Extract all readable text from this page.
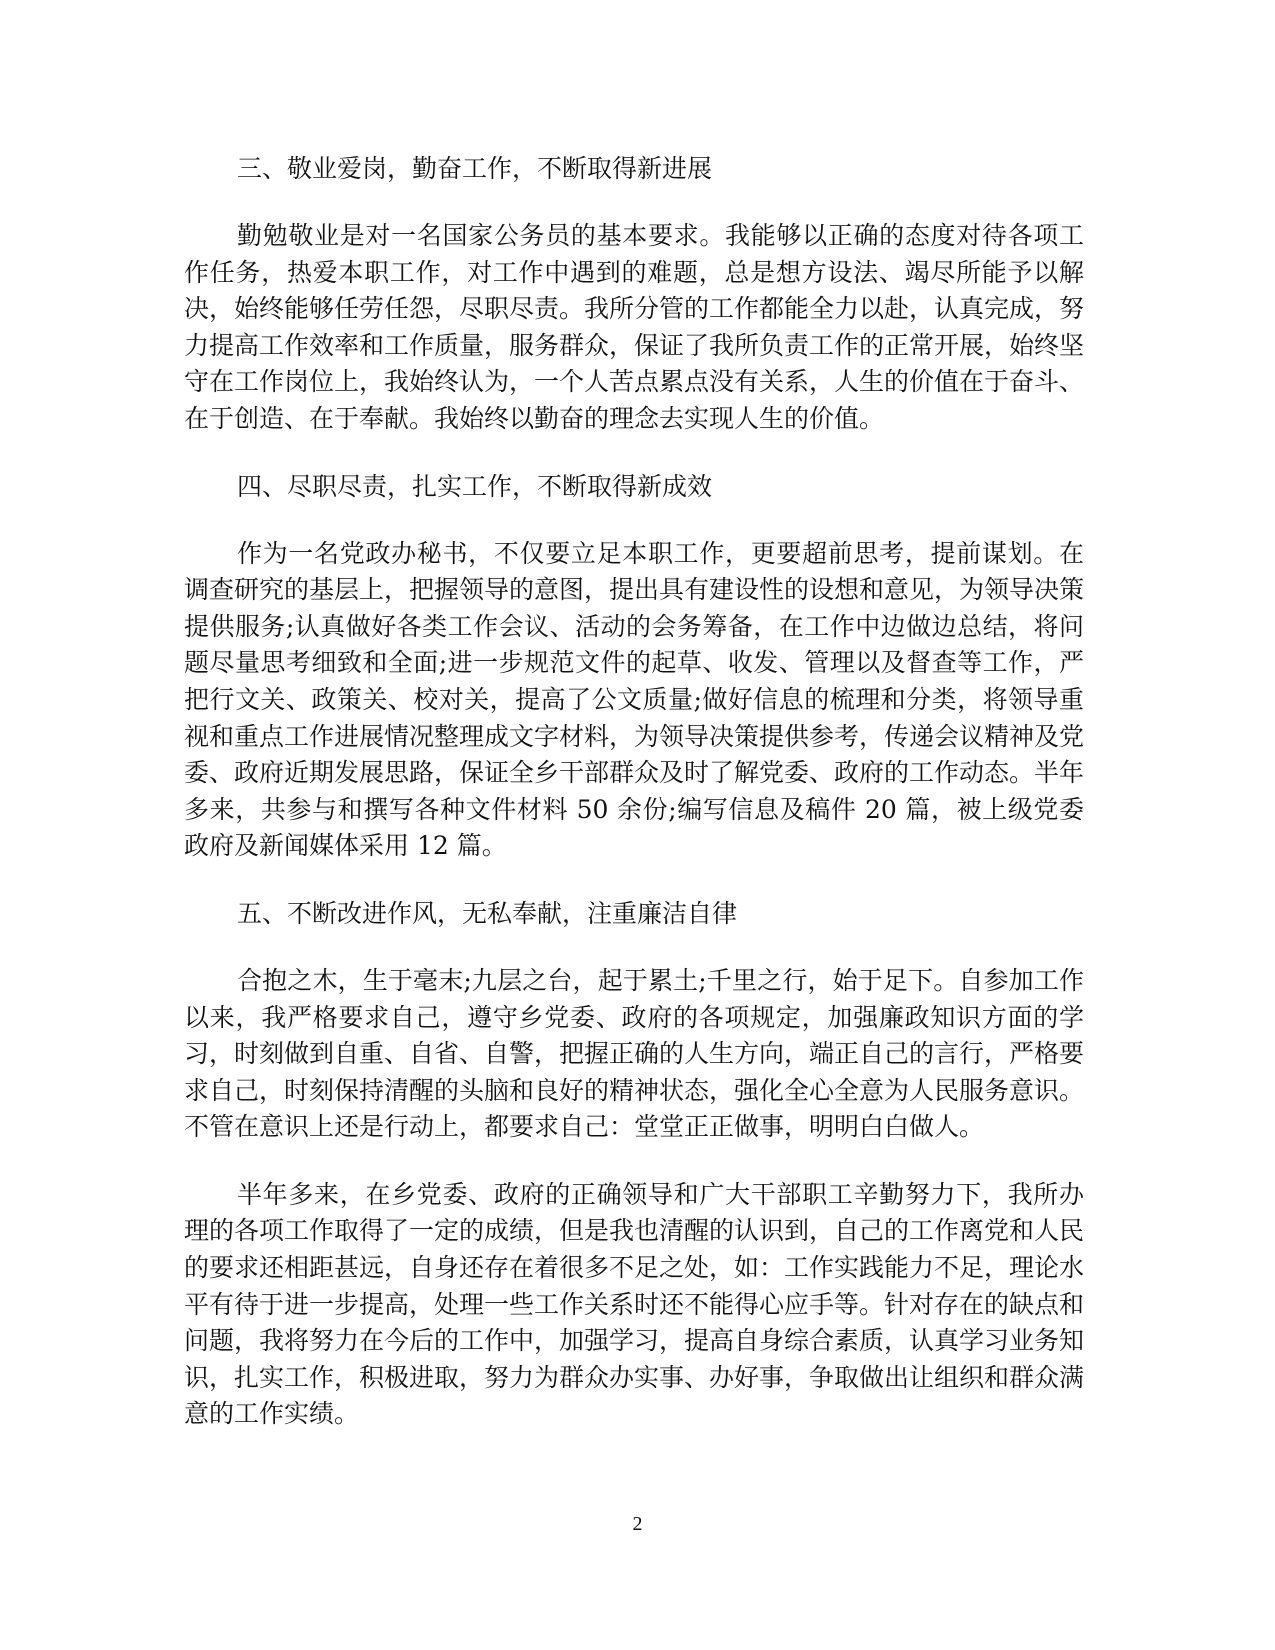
三、敬业爱岗，勤奋工作，不断取得新进展

勤勉敬业是对一名国家公务员的基本要求。我能够以正确的态度对待各项工作任务，热爱本职工作，对工作中遇到的难题，总是想方设法、竭尽所能予以解决，始终能够任劳任怨，尽职尽责。我所分管的工作都能全力以赴，认真完成，努力提高工作效率和工作质量，服务群众，保证了我所负责工作的正常开展，始终坚守在工作岗位上，我始终认为，一个人苦点累点没有关系，人生的价值在于奋斗、在于创造、在于奉献。我始终以勤奋的理念去实现人生的价值。

四、尽职尽责，扎实工作，不断取得新成效

作为一名党政办秘书，不仅要立足本职工作，更要超前思考，提前谋划。在调查研究的基层上，把握领导的意图，提出具有建设性的设想和意见，为领导决策提供服务;认真做好各类工作会议、活动的会务筹备，在工作中边做边总结，将问题尽量思考细致和全面;进一步规范文件的起草、收发、管理以及督查等工作，严把行文关、政策关、校对关，提高了公文质量;做好信息的梳理和分类，将领导重视和重点工作进展情况整理成文字材料，为领导决策提供参考，传递会议精神及党委、政府近期发展思路，保证全乡干部群众及时了解党委、政府的工作动态。半年多来，共参与和撰写各种文件材料 50 余份;编写信息及稿件 20 篇，被上级党委政府及新闻媒体采用 12 篇。

五、不断改进作风，无私奉献，注重廉洁自律

合抱之木，生于毫末;九层之台，起于累土;千里之行，始于足下。自参加工作以来，我严格要求自己，遵守乡党委、政府的各项规定，加强廉政知识方面的学习，时刻做到自重、自省、自警，把握正确的人生方向，端正自己的言行，严格要求自己，时刻保持清醒的头脑和良好的精神状态，强化全心全意为人民服务意识。不管在意识上还是行动上，都要求自己：堂堂正正做事，明明白白做人。

半年多来，在乡党委、政府的正确领导和广大干部职工辛勤努力下，我所办理的各项工作取得了一定的成绩，但是我也清醒的认识到，自己的工作离党和人民的要求还相距甚远，自身还存在着很多不足之处，如：工作实践能力不足，理论水平有待于进一步提高，处理一些工作关系时还不能得心应手等。针对存在的缺点和问题，我将努力在今后的工作中，加强学习，提高自身综合素质，认真学习业务知识，扎实工作，积极进取，努力为群众办实事、办好事，争取做出让组织和群众满意的工作实绩。

2
